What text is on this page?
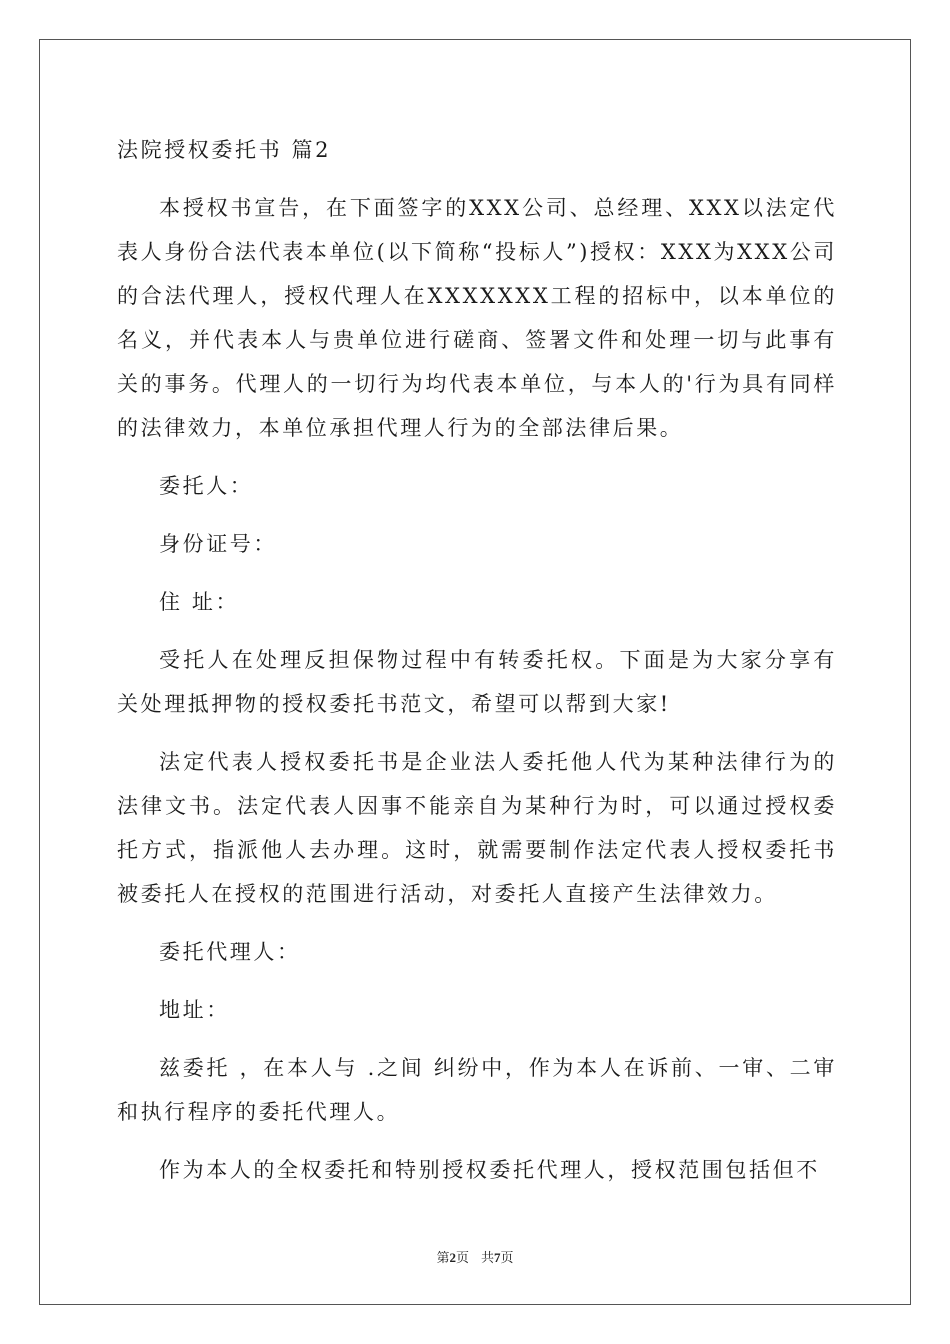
法院授权委托书 篇2

本授权书宣告，在下面签字的XXX公司、总经理、XXX以法定代表人身份合法代表本单位(以下简称“投标人”)授权：XXX为XXX公司的合法代理人，授权代理人在XXXXXXX工程的招标中，以本单位的名义，并代表本人与贵单位进行磋商、签署文件和处理一切与此事有关的事务。代理人的一切行为均代表本单位，与本人的'行为具有同样的法律效力，本单位承担代理人行为的全部法律后果。

委托人：

身份证号：

住 址：

受托人在处理反担保物过程中有转委托权。下面是为大家分享有关处理抵押物的授权委托书范文，希望可以帮到大家!

法定代表人授权委托书是企业法人委托他人代为某种法律行为的法律文书。法定代表人因事不能亲自为某种行为时，可以通过授权委托方式，指派他人去办理。这时，就需要制作法定代表人授权委托书被委托人在授权的范围进行活动，对委托人直接产生法律效力。

委托代理人：

地址：

兹委托 ，在本人与 .之间 纠纷中，作为本人在诉前、一审、二审和执行程序的委托代理人。

作为本人的全权委托和特别授权委托代理人，授权范围包括但不

第2页 共7页
